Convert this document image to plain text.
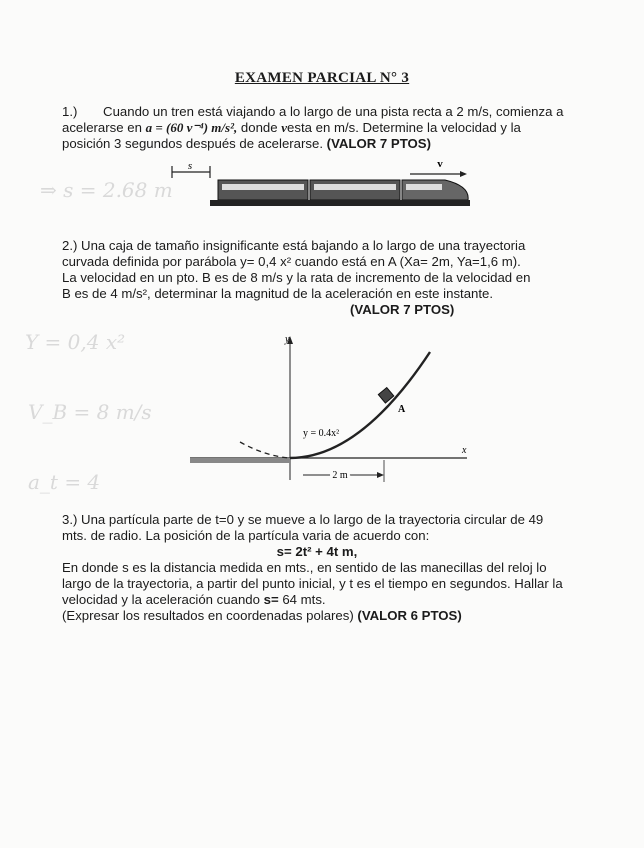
⇒ s = 2.68 m
Y = 0,4 x²
V_B = 8 m/s
a_t = 4
EXAMEN PARCIAL N° 3
1.) Cuando un tren está viajando a lo largo de una pista recta a 2 m/s, comienza a
acelerarse en a = (60 v⁻⁴) m/s², donde vesta en m/s. Determine la velocidad y la
posición 3 segundos después de acelerarse. (VALOR 7 PTOS)
s	v
2.) Una caja de tamaño insignificante está bajando a lo largo de una trayectoria
curvada definida por parábola y= 0,4 x² cuando está en A (Xa= 2m, Ya=1,6 m).
La velocidad en un pto. B es de 8 m/s y la rata de incremento de la velocidad en
B es de 4 m/s², determinar la magnitud de la aceleración en este instante.
(VALOR 7 PTOS)
y
x
A
y = 0.4x²
2 m
3.) Una partícula parte de t=0 y se mueve a lo largo de la trayectoria circular de 49
mts. de radio. La posición de la partícula varia de acuerdo con:
s= 2t² + 4t m,
En donde s es la distancia medida en mts., en sentido de las manecillas del reloj lo
largo de la trayectoria, a partir del punto inicial, y t es el tiempo en segundos. Hallar la
velocidad y la aceleración cuando s= 64 mts.
(Expresar los resultados en coordenadas polares) (VALOR 6 PTOS)
